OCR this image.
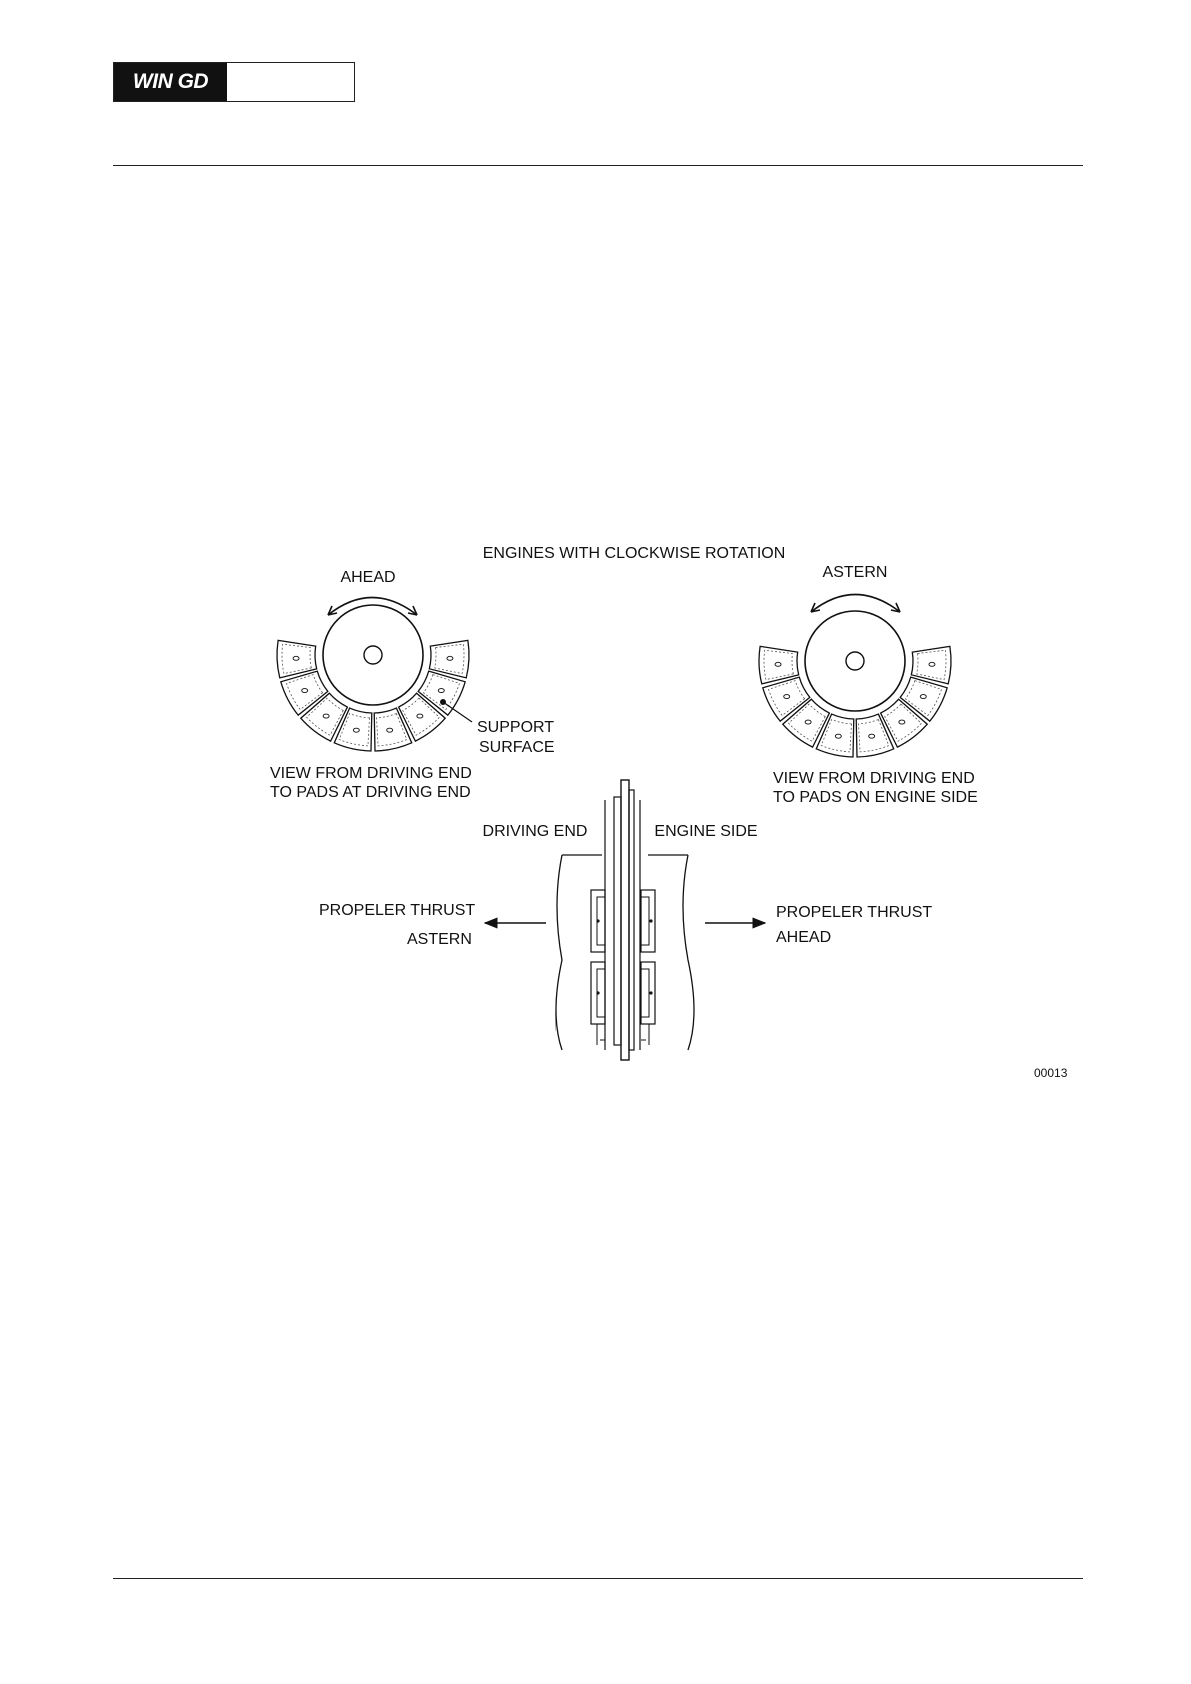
WIN GD
ENGINES WITH CLOCKWISE ROTATION
AHEAD
SUPPORT
SURFACE
VIEW FROM DRIVING END
TO PADS AT DRIVING END
ASTERN
VIEW FROM DRIVING END
TO PADS ON ENGINE SIDE
DRIVING END	ENGINE SIDE
PROPELER THRUST
ASTERN
PROPELER THRUST
AHEAD
00013
